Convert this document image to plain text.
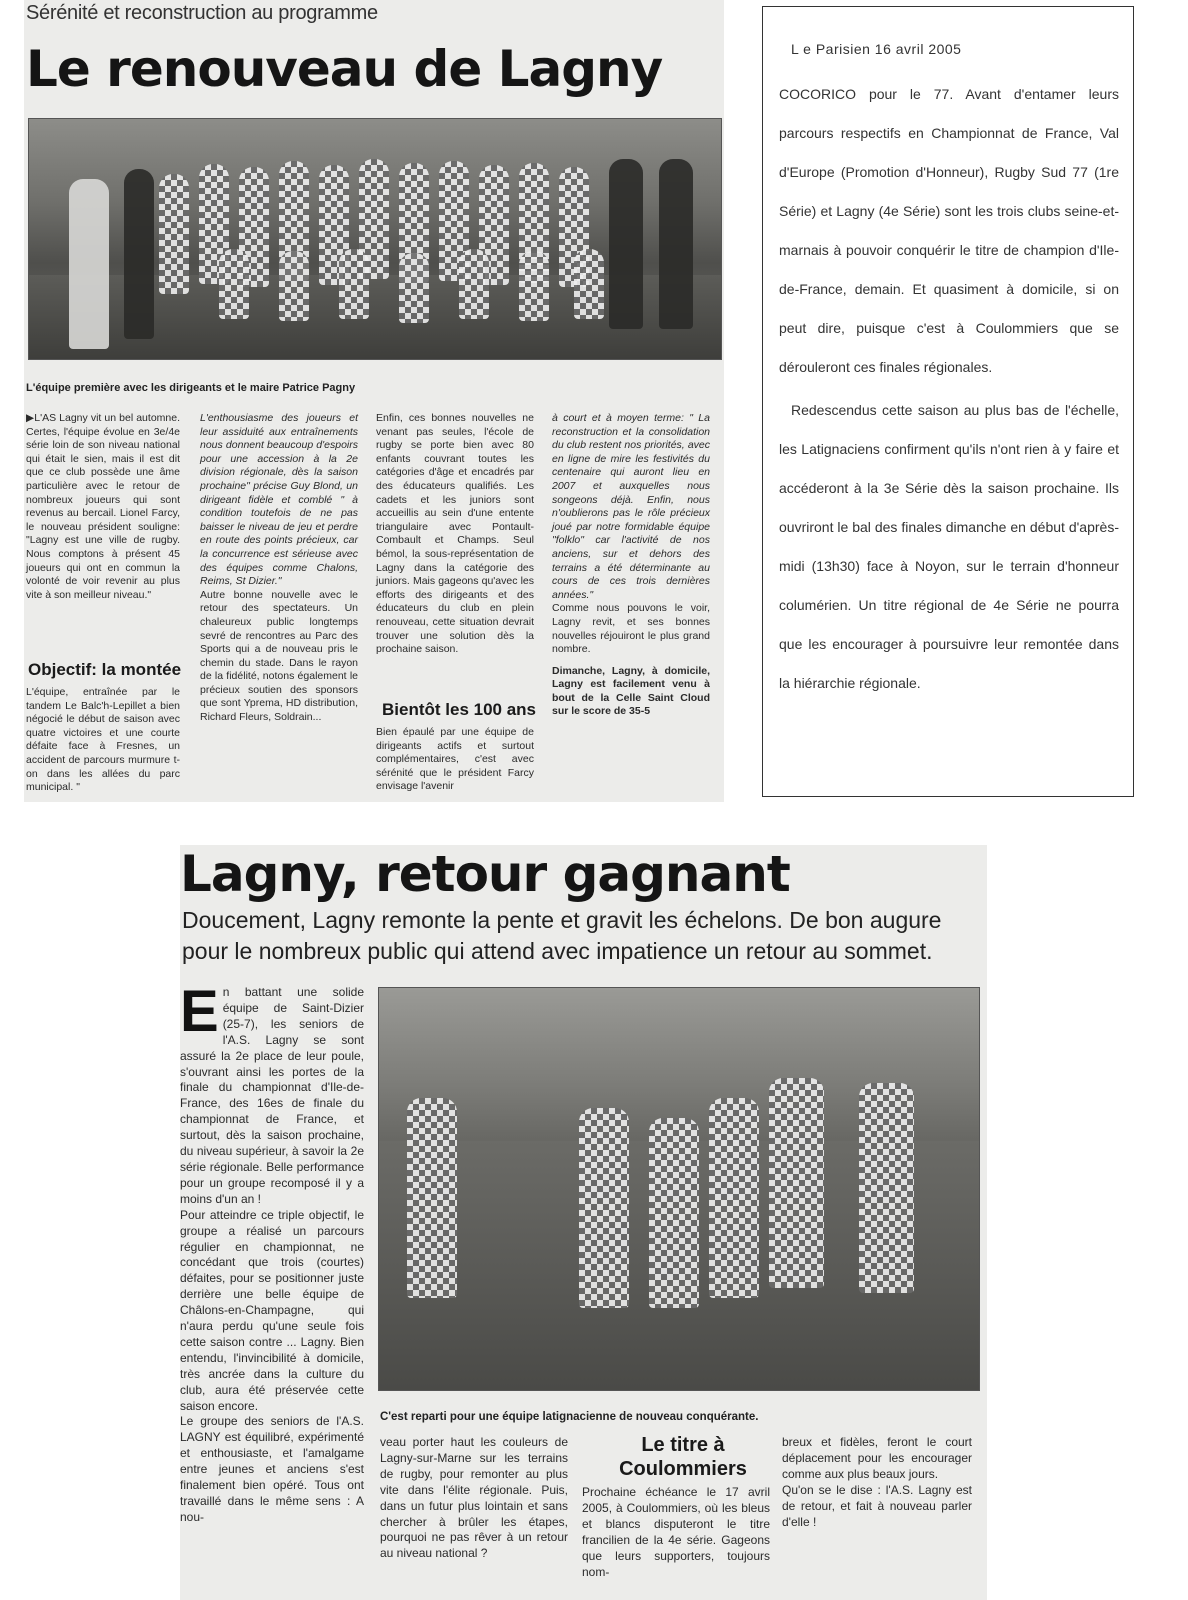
Sérénité et reconstruction au programme
Le renouveau de Lagny
L'équipe première avec les dirigeants et le maire Patrice Pagny

▶L'AS Lagny vit un bel automne. Certes, l'équipe évolue en 3e/4e série loin de son niveau national qui était le sien, mais il est dit que ce club possède une âme particulière avec le retour de nombreux joueurs qui sont revenus au bercail. Lionel Farcy, le nouveau président souligne: "Lagny est une ville de rugby. Nous comptons à présent 45 joueurs qui ont en commun la volonté de voir revenir au plus vite à son meilleur niveau."

Objectif: la montée

L'équipe, entraînée par le tandem Le Balc'h-Lepillet a bien négocié le début de saison avec quatre victoires et une courte défaite face à Fresnes, un accident de parcours murmure t-on dans les allées du parc municipal. "

L'enthousiasme des joueurs et leur assiduité aux entraînements nous donnent beaucoup d'espoirs pour une accession à la 2e division régionale, dès la saison prochaine" précise Guy Blond, un dirigeant fidèle et comblé " à condition toutefois de ne pas baisser le niveau de jeu et perdre en route des points précieux, car la concurrence est sérieuse avec des équipes comme Chalons, Reims, St Dizier."

Autre bonne nouvelle avec le retour des spectateurs. Un chaleureux public longtemps sevré de rencontres au Parc des Sports qui a de nouveau pris le chemin du stade. Dans le rayon de la fidélité, notons également le précieux soutien des sponsors que sont Yprema, HD distribution, Richard Fleurs, Soldrain...

Enfin, ces bonnes nouvelles ne venant pas seules, l'école de rugby se porte bien avec 80 enfants couvrant toutes les catégories d'âge et encadrés par des éducateurs qualifiés. Les cadets et les juniors sont accueillis au sein d'une entente triangulaire avec Pontault-Combault et Champs. Seul bémol, la sous-représentation de Lagny dans la catégorie des juniors. Mais gageons qu'avec les efforts des dirigeants et des éducateurs du club en plein renouveau, cette situation devrait trouver une solution dès la prochaine saison.

Bientôt les 100 ans

Bien épaulé par une équipe de dirigeants actifs et surtout complémentaires, c'est avec sérénité que le président Farcy envisage l'avenir

à court et à moyen terme: " La reconstruction et la consolidation du club restent nos priorités, avec en ligne de mire les festivités du centenaire qui auront lieu en 2007 et auxquelles nous songeons déjà. Enfin, nous n'oublierons pas le rôle précieux joué par notre formidable équipe "folklo" car l'activité de nos anciens, sur et dehors des terrains a été déterminante au cours de ces trois dernières années."

Comme nous pouvons le voir, Lagny revit, et ses bonnes nouvelles réjouiront le plus grand nombre.

Dimanche, Lagny, à domicile, Lagny est facilement venu à bout de la Celle Saint Cloud sur le score de 35-5

L e Parisien 16 avril 2005

COCORICO pour le 77. Avant d'entamer leurs parcours respectifs en Championnat de France, Val d'Europe (Promotion d'Honneur), Rugby Sud 77 (1re Série) et Lagny (4e Série) sont les trois clubs seine-et-marnais à pouvoir conquérir le titre de champion d'Ile-de-France, demain. Et quasiment à domicile, si on peut dire, puisque c'est à Coulommiers que se dérouleront ces finales régionales.

Redescendus cette saison au plus bas de l'échelle, les Latignaciens confirment qu'ils n'ont rien à y faire et accéderont à la 3e Série dès la saison prochaine. Ils ouvriront le bal des finales dimanche en début d'après-midi (13h30) face à Noyon, sur le terrain d'honneur columérien. Un titre régional de 4e Série ne pourra que les encourager à poursuivre leur remontée dans la hiérarchie régionale.

Lagny, retour gagnant
Doucement, Lagny remonte la pente et gravit les échelons. De bon augure pour le nombreux public qui attend avec impatience un retour au sommet.

En battant une solide équipe de Saint-Dizier (25-7), les seniors de l'A.S. Lagny se sont assuré la 2e place de leur poule, s'ouvrant ainsi les portes de la finale du championnat d'Ile-de-France, des 16es de finale du championnat de France, et surtout, dès la saison prochaine, du niveau supérieur, à savoir la 2e série régionale. Belle performance pour un groupe recomposé il y a moins d'un an !

Pour atteindre ce triple objectif, le groupe a réalisé un parcours régulier en championnat, ne concédant que trois (courtes) défaites, pour se positionner juste derrière une belle équipe de Châlons-en-Champagne, qui n'aura perdu qu'une seule fois cette saison contre ... Lagny. Bien entendu, l'invincibilité à domicile, très ancrée dans la culture du club, aura été préservée cette saison encore.

Le groupe des seniors de l'A.S. LAGNY est équilibré, expérimenté et enthousiaste, et l'amalgame entre jeunes et anciens s'est finalement bien opéré. Tous ont travaillé dans le même sens : A nou-

C'est reparti pour une équipe latignacienne de nouveau conquérante.

veau porter haut les couleurs de Lagny-sur-Marne sur les terrains de rugby, pour remonter au plus vite dans l'élite régionale. Puis, dans un futur plus lointain et sans chercher à brûler les étapes, pourquoi ne pas rêver à un retour au niveau national ?

Le titre à Coulommiers

Prochaine échéance le 17 avril 2005, à Coulommiers, où les bleus et blancs disputeront le titre francilien de la 4e série. Gageons que leurs supporters, toujours nom-

breux et fidèles, feront le court déplacement pour les encourager comme aux plus beaux jours.

Qu'on se le dise : l'A.S. Lagny est de retour, et fait à nouveau parler d'elle !
